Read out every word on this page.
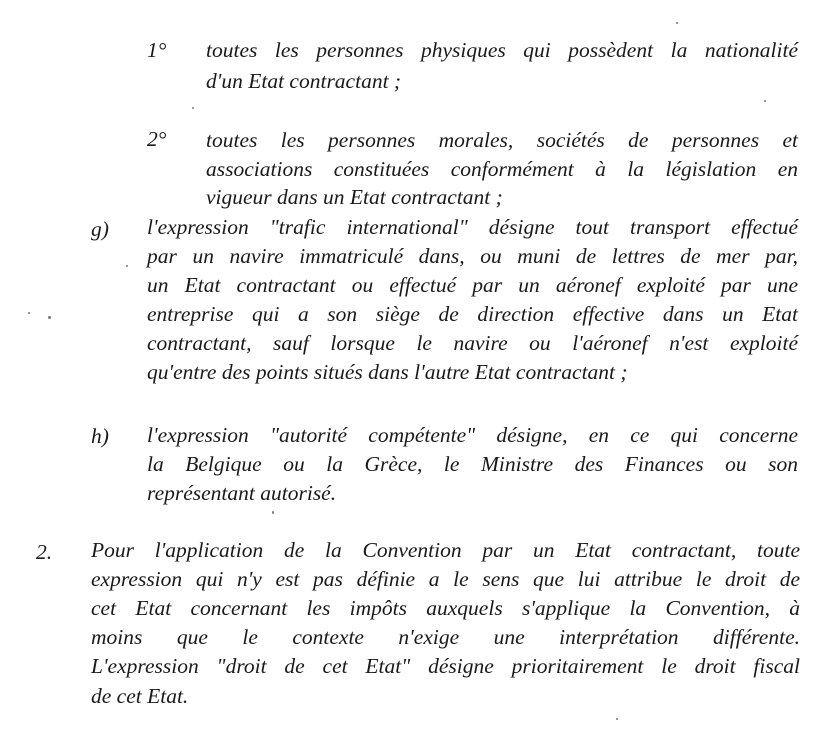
1° toutes les personnes physiques qui possèdent la nationalité
d'un Etat contractant ;
2° toutes les personnes morales, sociétés de personnes et
associations constituées conformément à la législation en
vigueur dans un Etat contractant ;
g) l'expression "trafic international" désigne tout transport effectué
par un navire immatriculé dans, ou muni de lettres de mer par,
un Etat contractant ou effectué par un aéronef exploité par une
entreprise qui a son siège de direction effective dans un Etat
contractant, sauf lorsque le navire ou l'aéronef n'est exploité
qu'entre des points situés dans l'autre Etat contractant ;
h) l'expression "autorité compétente" désigne, en ce qui concerne
la Belgique ou la Grèce, le Ministre des Finances ou son
représentant autorisé.
2. Pour l'application de la Convention par un Etat contractant, toute
expression qui n'y est pas définie a le sens que lui attribue le droit de
cet Etat concernant les impôts auxquels s'applique la Convention, à
moins que le contexte n'exige une interprétation différente.
L'expression "droit de cet Etat" désigne prioritairement le droit fiscal
de cet Etat.
